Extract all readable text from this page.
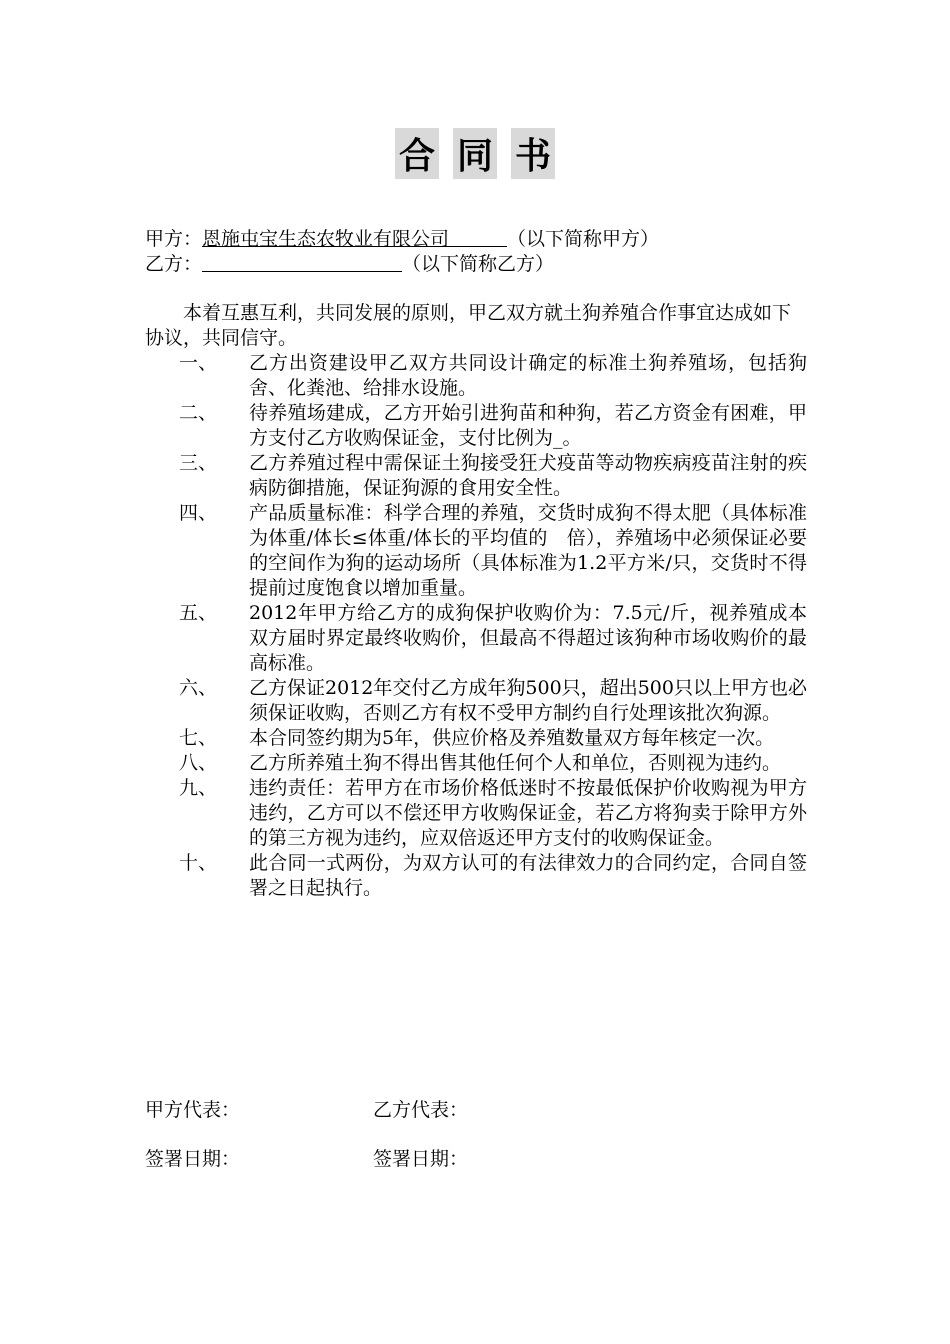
合 同 书
甲方：恩施屯宝生态农牧业有限公司	（以下简称甲方）
乙方：	（以下简称乙方）
本着互惠互利，共同发展的原则，甲乙双方就土狗养殖合作事宜达成如下协议，共同信守。
一、	乙方出资建设甲乙双方共同设计确定的标准土狗养殖场，包括狗舍、化粪池、给排水设施。
二、	待养殖场建成，乙方开始引进狗苗和种狗，若乙方资金有困难，甲方支付乙方收购保证金，支付比例为_。
三、	乙方养殖过程中需保证土狗接受狂犬疫苗等动物疾病疫苗注射的疾病防御措施，保证狗源的食用安全性。
四、	产品质量标准：科学合理的养殖，交货时成狗不得太肥（具体标准为体重/体长≤体重/体长的平均值的　倍），养殖场中必须保证必要的空间作为狗的运动场所（具体标准为1.2平方米/只，交货时不得提前过度饱食以增加重量。
五、	2012年甲方给乙方的成狗保护收购价为：7.5元/斤，视养殖成本双方届时界定最终收购价，但最高不得超过该狗种市场收购价的最高标准。
六、	乙方保证2012年交付乙方成年狗500只，超出500只以上甲方也必须保证收购，否则乙方有权不受甲方制约自行处理该批次狗源。
七、	本合同签约期为5年，供应价格及养殖数量双方每年核定一次。
八、	乙方所养殖土狗不得出售其他任何个人和单位，否则视为违约。
九、	违约责任：若甲方在市场价格低迷时不按最低保护价收购视为甲方违约，乙方可以不偿还甲方收购保证金，若乙方将狗卖于除甲方外的第三方视为违约，应双倍返还甲方支付的收购保证金。
十、	此合同一式两份，为双方认可的有法律效力的合同约定，合同自签署之日起执行。
甲方代表：	乙方代表：
签署日期：	签署日期：
